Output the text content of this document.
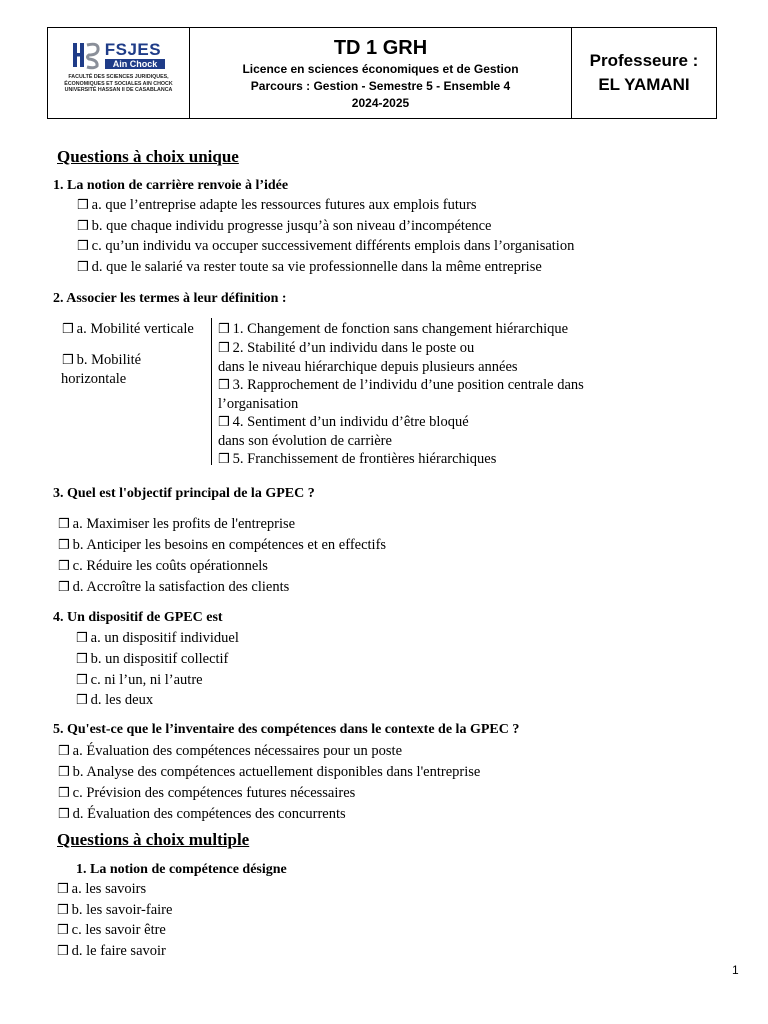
FSJES
Ain Chock
FACULTÉ DES SCIENCES JURIDIQUES,
ÉCONOMIQUES ET SOCIALES AIN CHOCK
UNIVERSITÉ HASSAN II DE CASABLANCA
TD 1 GRH
Licence en sciences économiques et de Gestion
Parcours : Gestion - Semestre 5 - Ensemble 4
2024-2025
Professeure :
EL YAMANI
Questions à choix unique
1. La notion de carrière renvoie à l’idée
❒ a. que l’entreprise adapte les ressources futures aux emplois futurs
❒ b. que chaque individu progresse jusqu’à son niveau d’incompétence
❒ c. qu’un individu va occuper successivement différents emplois dans l’organisation
❒ d. que le salarié va rester toute sa vie professionnelle dans la même entreprise
2. Associer les termes à leur définition :
❒ a. Mobilité verticale
❒ b. Mobilité
horizontale
❒ 1. Changement de fonction sans changement hiérarchique
❒ 2. Stabilité d’un individu dans le poste ou
dans le niveau hiérarchique depuis plusieurs années
❒ 3. Rapprochement de l’individu d’une position centrale dans
l’organisation
❒ 4. Sentiment d’un individu d’être bloqué
dans son évolution de carrière
❒ 5. Franchissement de frontières hiérarchiques
3. Quel est l'objectif principal de la GPEC ?
❒ a. Maximiser les profits de l'entreprise
❒ b. Anticiper les besoins en compétences et en effectifs
❒ c. Réduire les coûts opérationnels
❒ d. Accroître la satisfaction des clients
4. Un dispositif de GPEC est
❒ a. un dispositif individuel
❒ b. un dispositif collectif
❒ c. ni l’un, ni l’autre
❒ d. les deux
5. Qu'est-ce que le l’inventaire des compétences dans le contexte de la GPEC ?
❒ a. Évaluation des compétences nécessaires pour un poste
❒ b. Analyse des compétences actuellement disponibles dans l'entreprise
❒ c. Prévision des compétences futures nécessaires
❒ d. Évaluation des compétences des concurrents
Questions à choix multiple
1. La notion de compétence désigne
❒ a. les savoirs
❒ b. les savoir-faire
❒ c. les savoir être
❒ d. le faire savoir
1
